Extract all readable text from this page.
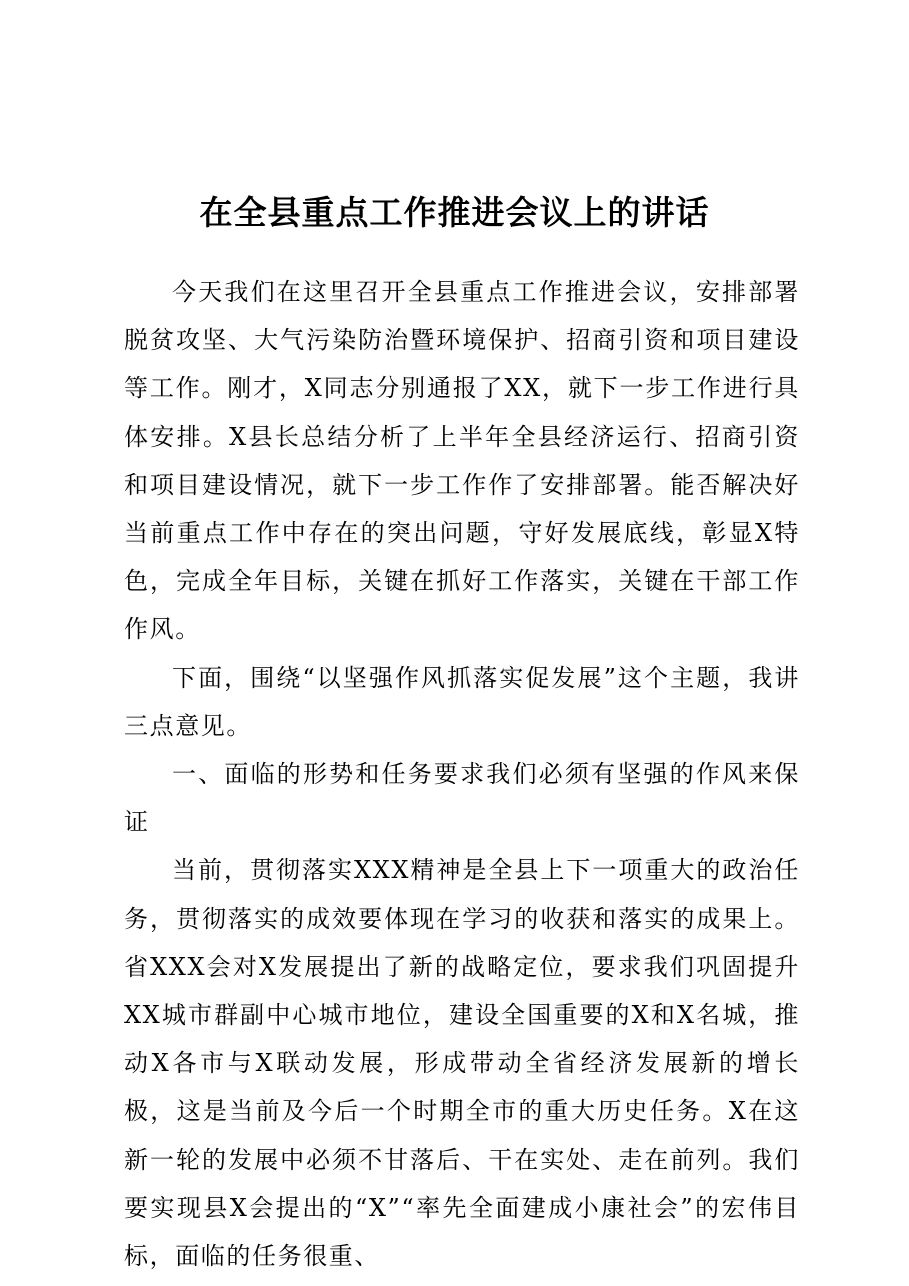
在全县重点工作推进会议上的讲话

今天我们在这里召开全县重点工作推进会议，安排部署脱贫攻坚、大气污染防治暨环境保护、招商引资和项目建设等工作。刚才，X同志分别通报了XX，就下一步工作进行具体安排。X县长总结分析了上半年全县经济运行、招商引资和项目建设情况，就下一步工作作了安排部署。能否解决好当前重点工作中存在的突出问题，守好发展底线，彰显X特色，完成全年目标，关键在抓好工作落实，关键在干部工作作风。

下面，围绕“以坚强作风抓落实促发展”这个主题，我讲三点意见。

一、面临的形势和任务要求我们必须有坚强的作风来保证

当前，贯彻落实XXX精神是全县上下一项重大的政治任务，贯彻落实的成效要体现在学习的收获和落实的成果上。省XXX会对X发展提出了新的战略定位，要求我们巩固提升XX城市群副中心城市地位，建设全国重要的X和X名城，推动X各市与X联动发展，形成带动全省经济发展新的增长极，这是当前及今后一个时期全市的重大历史任务。X在这新一轮的发展中必须不甘落后、干在实处、走在前列。我们要实现县X会提出的“X”“率先全面建成小康社会”的宏伟目标，面临的任务很重、
